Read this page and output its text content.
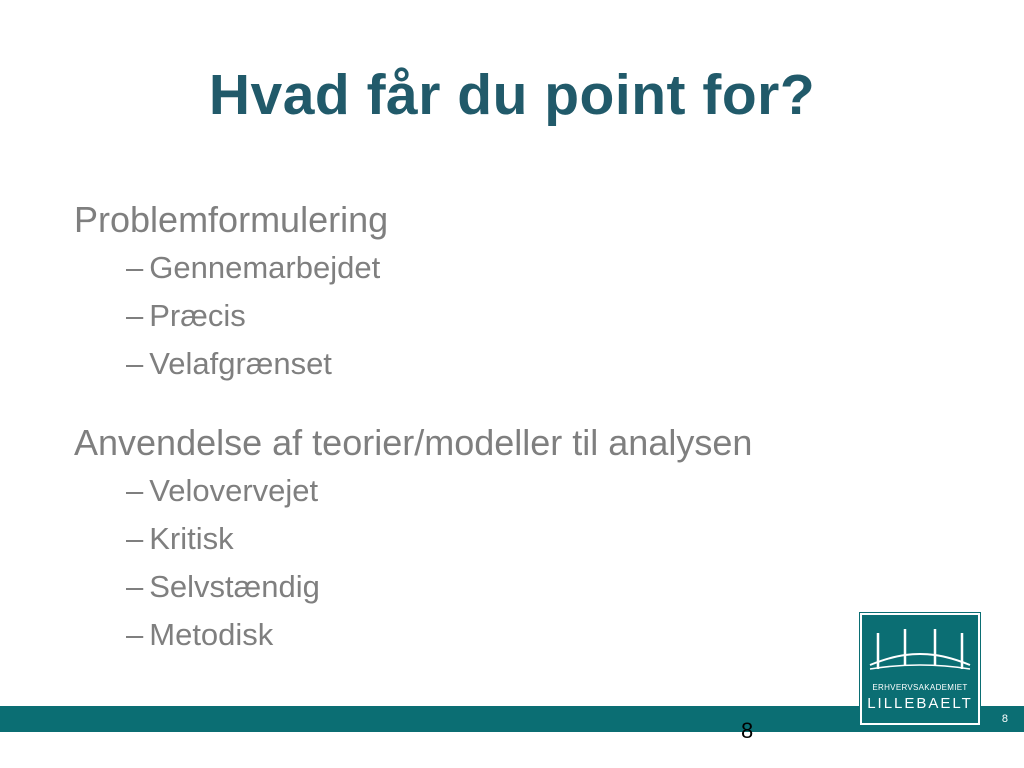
Hvad får du point for?
Problemformulering
– Gennemarbejdet
– Præcis
– Velafgrænset
Anvendelse af teorier/modeller til analysen
– Velovervejet
– Kritisk
– Selvstændig
– Metodisk
8
ERHVERVSAKADEMIET
LILLEBAELT
8
